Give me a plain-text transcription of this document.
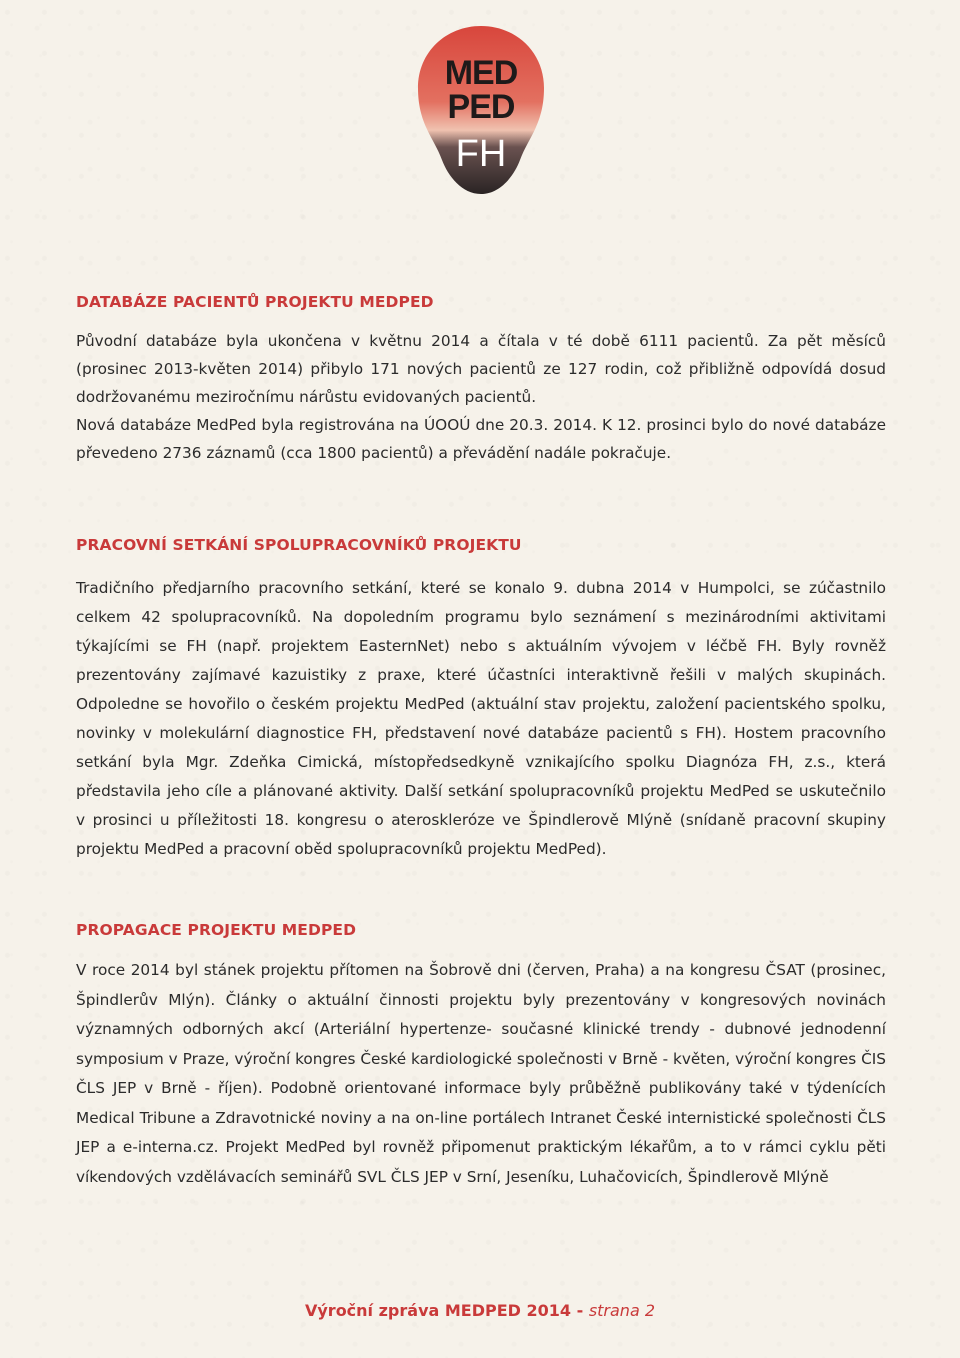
MED
PED
FH
DATABÁZE PACIENTŮ PROJEKTU MEDPED

Původní databáze byla ukončena v květnu 2014 a čítala v té době 6111 pacientů. Za pět měsíců (prosinec 2013-květen 2014) přibylo 171 nových pacientů ze 127 rodin, což přibližně odpovídá dosud dodržovanému meziročnímu nárůstu evidovaných pacientů.

Nová databáze MedPed byla registrována na ÚOOÚ dne 20.3. 2014. K 12. prosinci bylo do nové databáze převedeno 2736 záznamů (cca 1800 pacientů) a převádění nadále pokračuje.

PRACOVNÍ SETKÁNÍ SPOLUPRACOVNÍKŮ PROJEKTU

Tradičního předjarního pracovního setkání, které se konalo 9. dubna 2014 v Humpolci, se zúčastnilo celkem 42 spolupracovníků. Na dopoledním programu bylo seznámení s mezinárodními aktivitami týkajícími se FH (např. projektem EasternNet) nebo s aktuálním vývojem v léčbě FH. Byly rovněž prezentovány zajímavé kazuistiky z praxe, které účastníci interaktivně řešili v malých skupinách. Odpoledne se hovořilo o českém projektu MedPed (aktuální stav projektu, založení pacientského spolku, novinky v molekulární diagnostice FH, představení nové databáze pacientů s FH). Hostem pracovního setkání byla Mgr. Zdeňka Cimická, místopředsedkyně vznikajícího spolku Diagnóza FH, z.s., která představila jeho cíle a plánované aktivity. Další setkání spolupracovníků projektu MedPed se uskutečnilo v prosinci u příležitosti 18. kongresu o ateroskleróze ve Špindlerově Mlýně (snídaně pracovní skupiny projektu MedPed a pracovní oběd spolupracovníků projektu MedPed).

PROPAGACE PROJEKTU MEDPED

V roce 2014 byl stánek projektu přítomen na Šobrově dni (červen, Praha) a na kongresu ČSAT (prosinec, Špindlerův Mlýn). Články o aktuální činnosti projektu byly prezentovány v kongresových novinách významných odborných akcí (Arteriální hypertenze- současné klinické trendy - dubnové jednodenní symposium v Praze, výroční kongres České kardiologické společnosti v Brně - květen, výroční kongres ČIS ČLS JEP v Brně - říjen). Podobně orientované informace byly průběžně publikovány také v týdenících Medical Tribune a Zdravotnické noviny a na on-line portálech Intranet České internistické společnosti ČLS JEP a e-interna.cz. Projekt MedPed byl rovněž připomenut praktickým lékařům, a to v rámci cyklu pěti víkendových vzdělávacích seminářů SVL ČLS JEP v Srní, Jeseníku, Luhačovicích, Špindlerově Mlýně

Výroční zpráva MEDPED 2014 - strana 2
